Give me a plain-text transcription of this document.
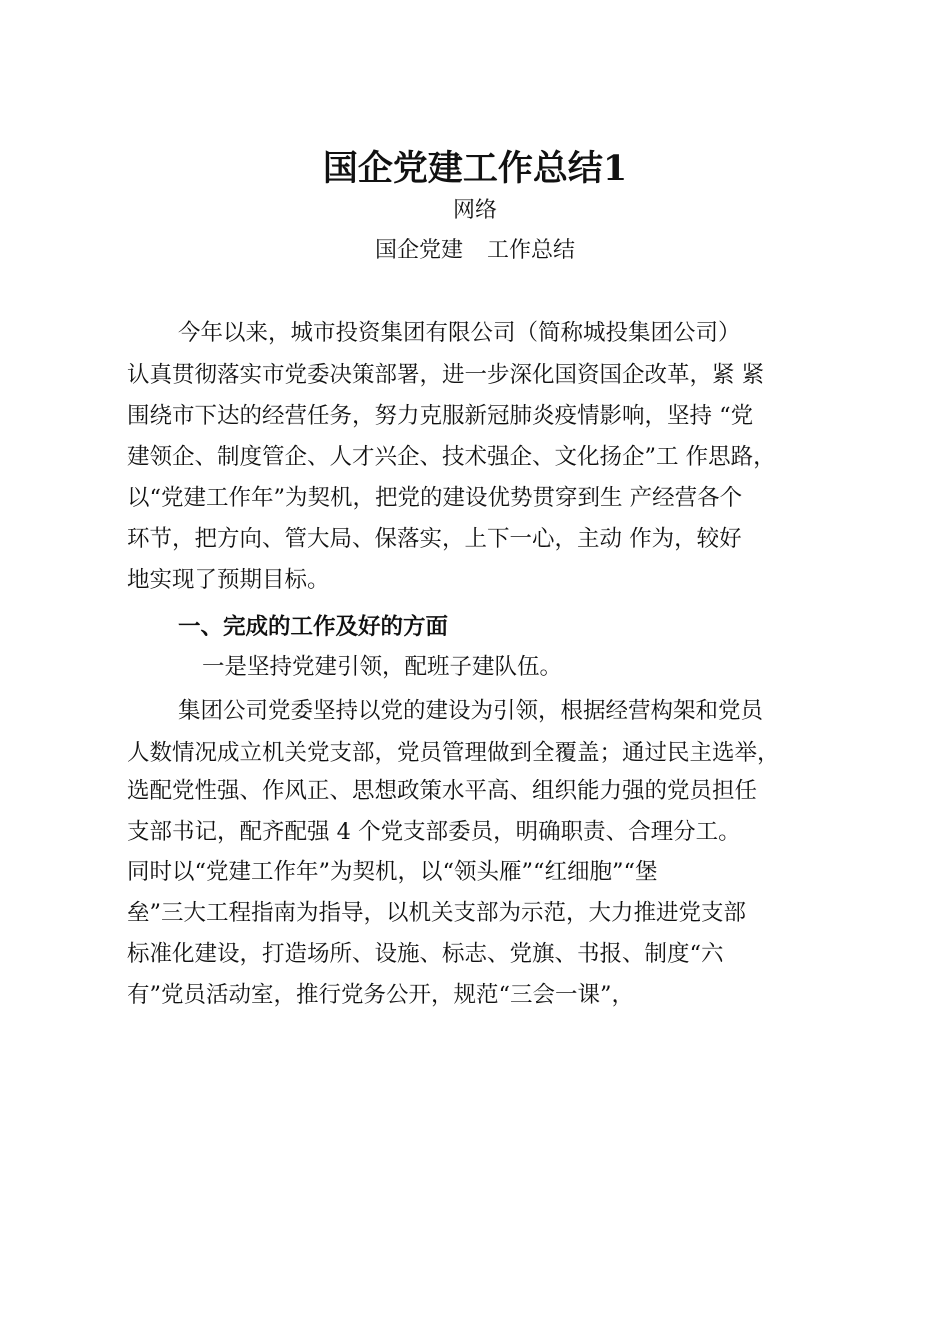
国企党建工作总结1
网络
国企党建 工作总结
今年以来，城市投资集团有限公司（简称城投集团公司）
认真贯彻落实市党委决策部署，进一步深化国资国企改革，紧 紧
围绕市下达的经营任务，努力克服新冠肺炎疫情影响，坚持 “党
建领企、制度管企、人才兴企、技术强企、文化扬企”工 作思路，
以“党建工作年”为契机，把党的建设优势贯穿到生 产经营各个
环节，把方向、管大局、保落实，上下一心，主动 作为，较好
地实现了预期目标。
一、完成的工作及好的方面
一是坚持党建引领，配班子建队伍。
集团公司党委坚持以党的建设为引领，根据经营构架和党员
人数情况成立机关党支部，党员管理做到全覆盖；通过民主选举，
选配党性强、作风正、思想政策水平高、组织能力强的党员担任
支部书记，配齐配强 4 个党支部委员，明确职责、合理分工。
同时以“党建工作年”为契机，以“领头雁”“红细胞”“堡
垒”三大工程指南为指导，以机关支部为示范，大力推进党支部
标准化建设，打造场所、设施、标志、党旗、书报、制度“六
有”党员活动室，推行党务公开，规范“三会一课”，
